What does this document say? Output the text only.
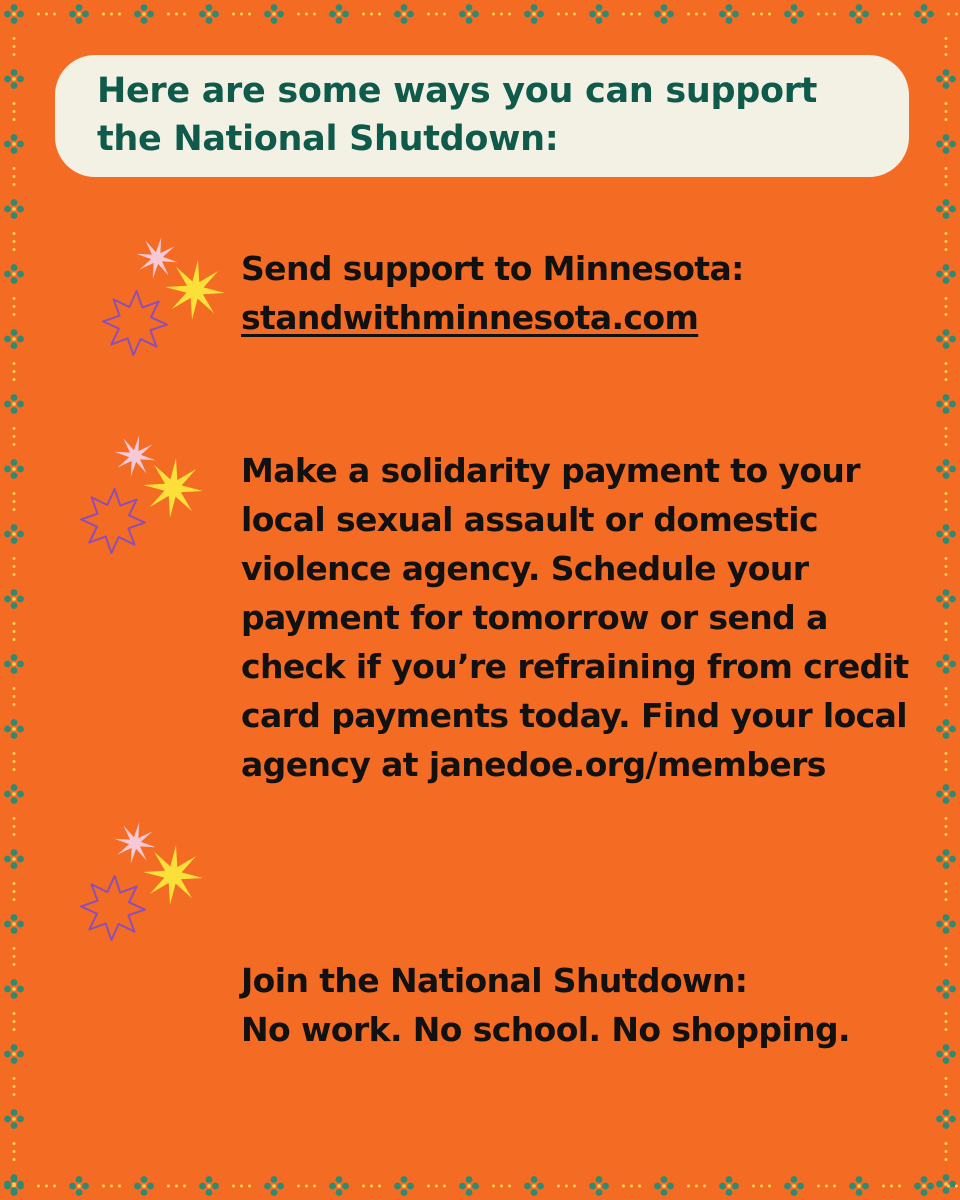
Here are some ways you can support the National Shutdown:

Send support to Minnesota:

standwithminnesota.com

Make a solidarity payment to your local sexual assault or domestic violence agency. Schedule your payment for tomorrow or send a check if you’re refraining from credit card payments today. Find your local agency at janedoe.org/members

Join the National Shutdown:

No work. No school. No shopping.
